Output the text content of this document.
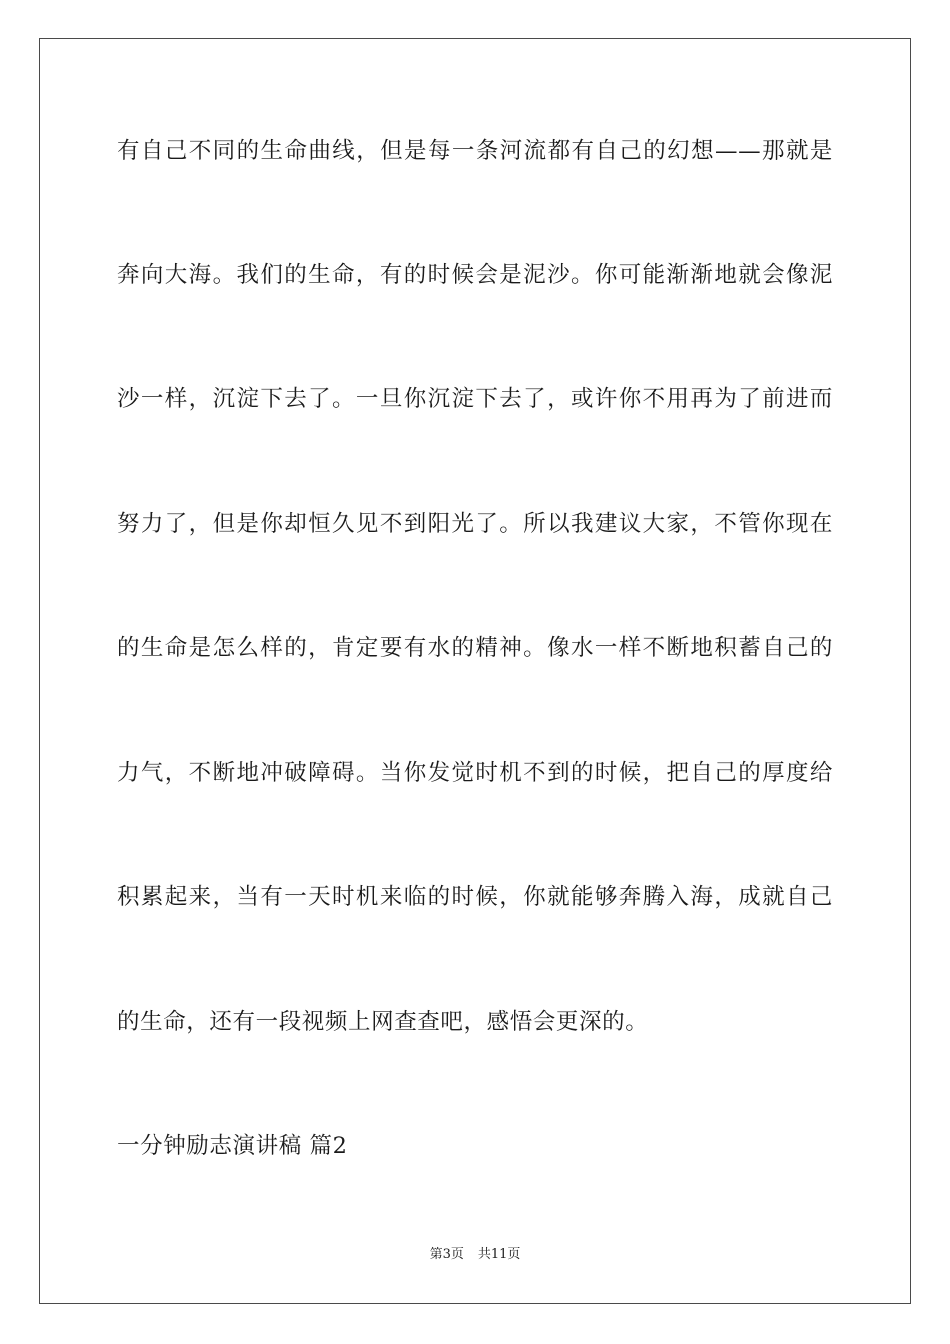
有自己不同的生命曲线，但是每一条河流都有自己的幻想——那就是
奔向大海。我们的生命，有的时候会是泥沙。你可能渐渐地就会像泥
沙一样，沉淀下去了。一旦你沉淀下去了，或许你不用再为了前进而
努力了，但是你却恒久见不到阳光了。所以我建议大家，不管你现在
的生命是怎么样的，肯定要有水的精神。像水一样不断地积蓄自己的
力气，不断地冲破障碍。当你发觉时机不到的时候，把自己的厚度给
积累起来，当有一天时机来临的时候，你就能够奔腾入海，成就自己
的生命，还有一段视频上网查查吧，感悟会更深的。
一分钟励志演讲稿 篇2
第3页 共11页
